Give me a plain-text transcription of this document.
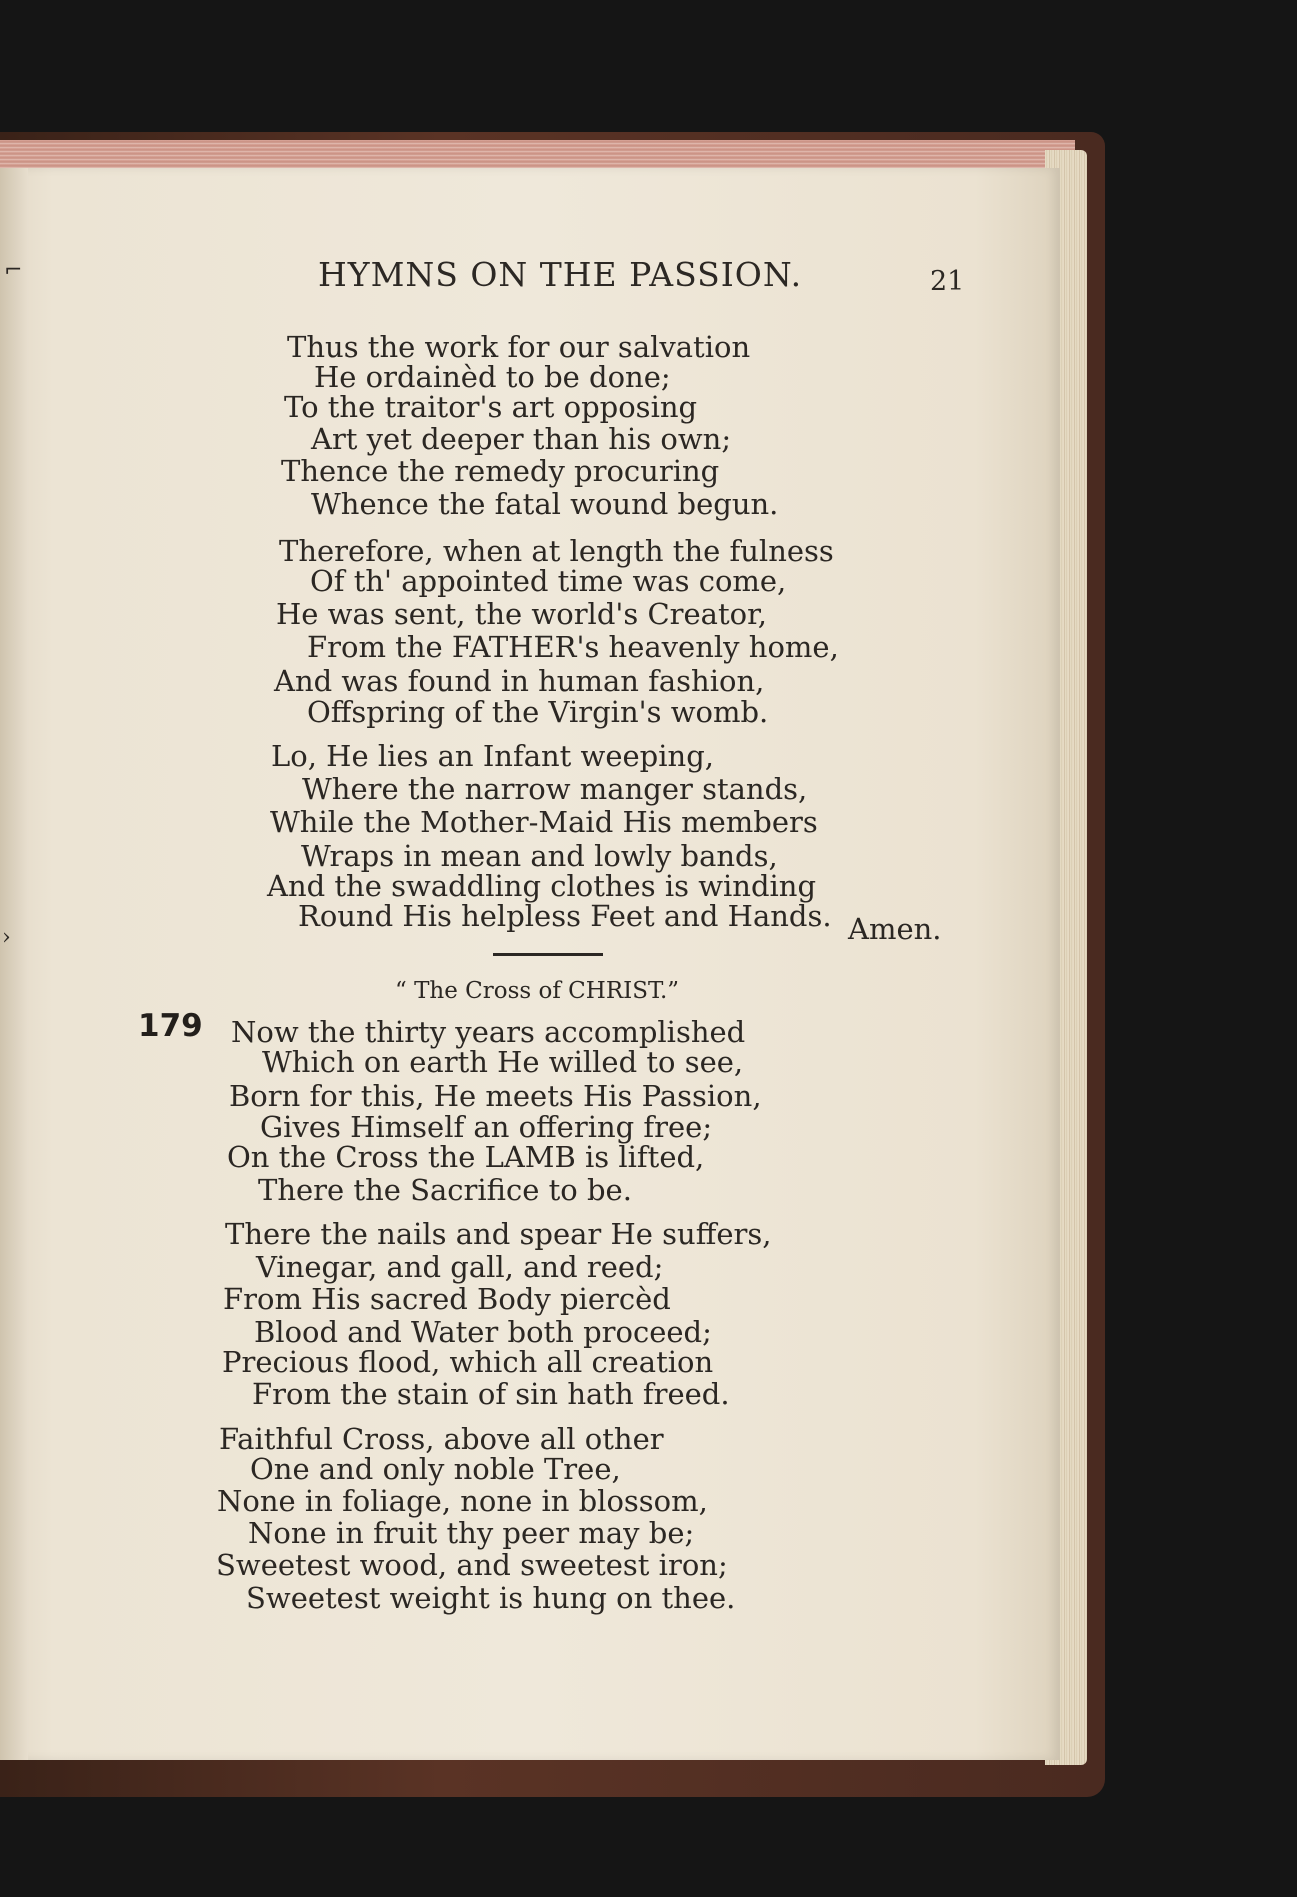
⌐
›
HYMNS ON THE PASSION.	21
Thus the work for our salvation
He ordainèd to be done;
To the traitor's art opposing
Art yet deeper than his own;
Thence the remedy procuring
Whence the fatal wound begun.
Therefore, when at length the fulness
Of th' appointed time was come,
He was sent, the world's Creator,
From the FATHER's heavenly home,
And was found in human fashion,
Offspring of the Virgin's womb.
Lo, He lies an Infant weeping,
Where the narrow manger stands,
While the Mother-Maid His members
Wraps in mean and lowly bands,
And the swaddling clothes is winding
Round His helpless Feet and Hands. Amen.
“ The Cross of CHRIST.”
179 Now the thirty years accomplished
Which on earth He willed to see,
Born for this, He meets His Passion,
Gives Himself an offering free;
On the Cross the LAMB is lifted,
There the Sacrifice to be.
There the nails and spear He suffers,
Vinegar, and gall, and reed;
From His sacred Body piercèd
Blood and Water both proceed;
Precious flood, which all creation
From the stain of sin hath freed.
Faithful Cross, above all other
One and only noble Tree,
None in foliage, none in blossom,
None in fruit thy peer may be;
Sweetest wood, and sweetest iron;
Sweetest weight is hung on thee.
